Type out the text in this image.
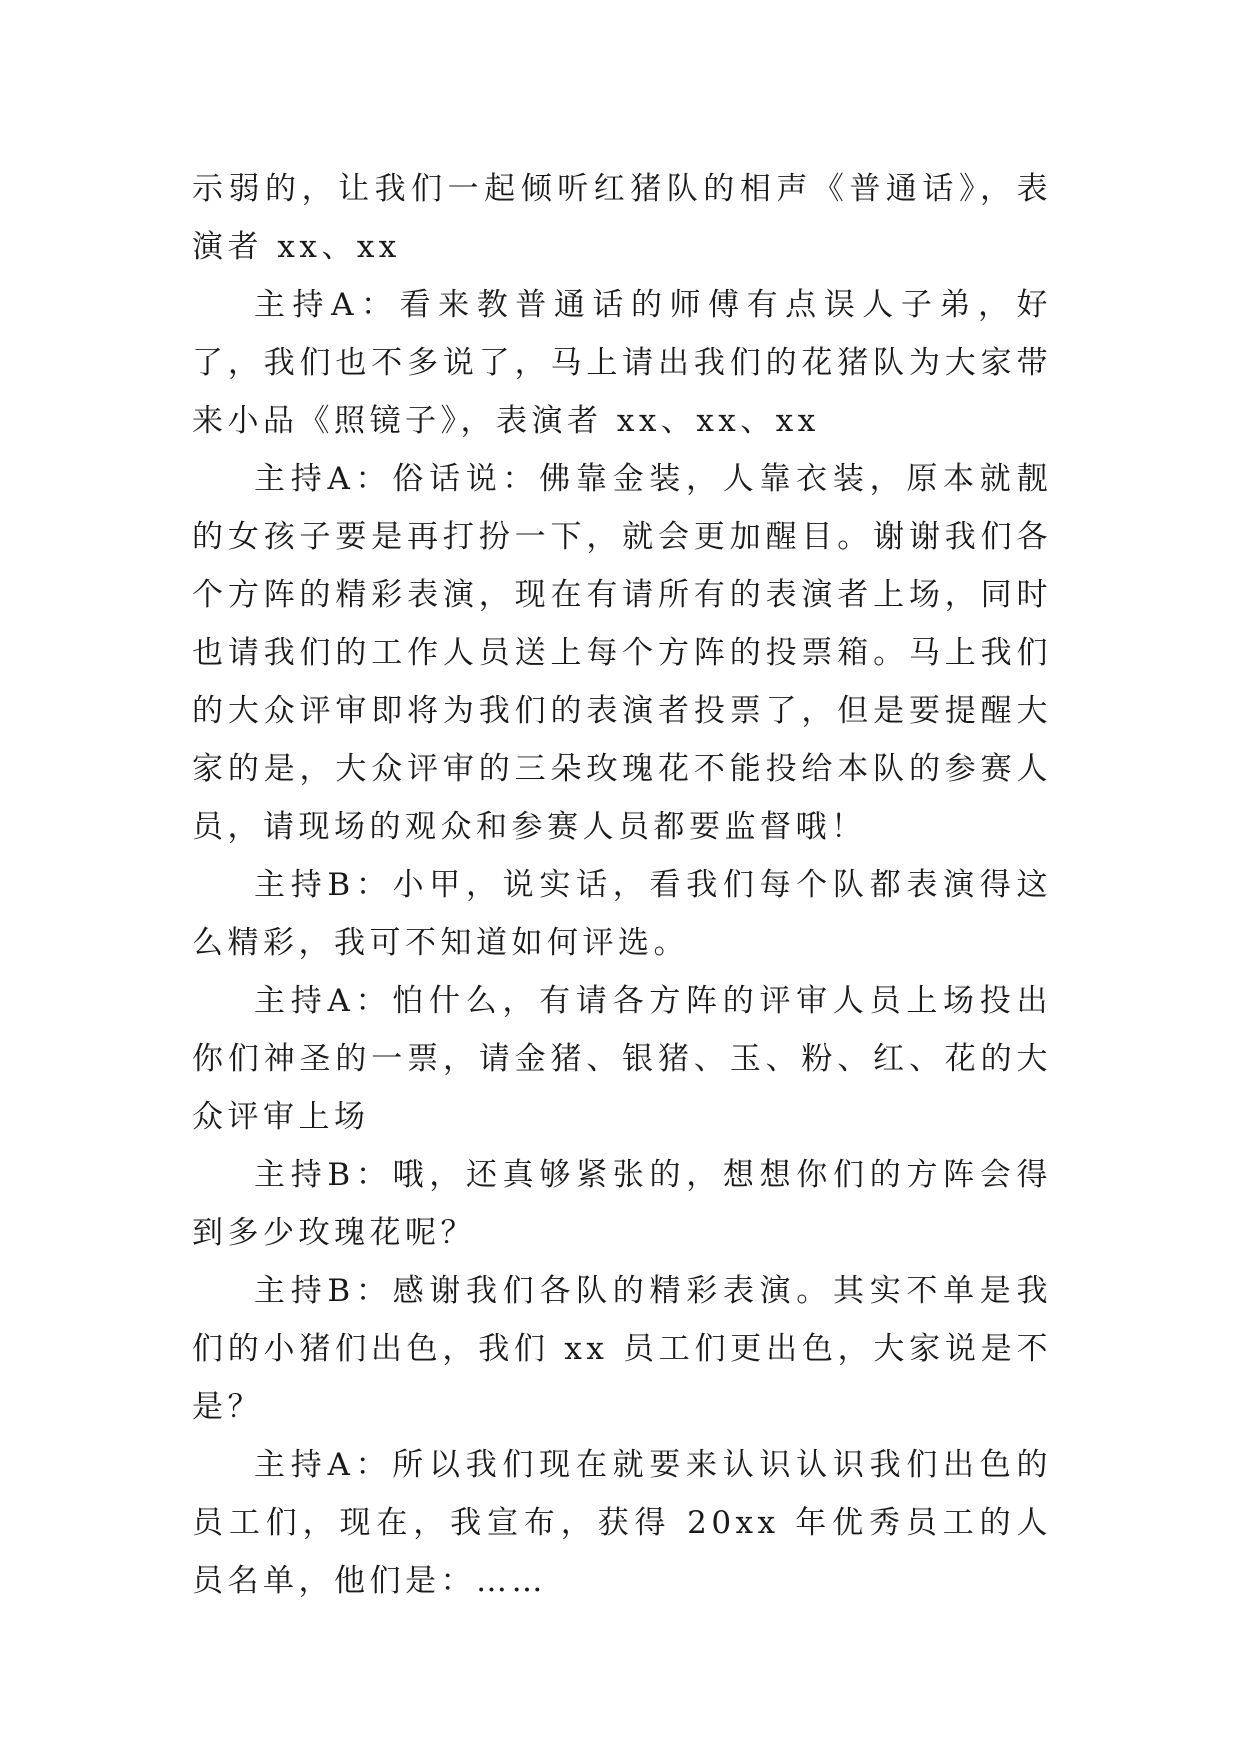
示弱的，让我们一起倾听红猪队的相声《普通话》，表演者 xx、xx

主持A：看来教普通话的师傅有点误人子弟，好了，我们也不多说了，马上请出我们的花猪队为大家带来小品《照镜子》，表演者 xx、xx、xx

主持A：俗话说：佛靠金装，人靠衣装，原本就靓的女孩子要是再打扮一下，就会更加醒目。谢谢我们各个方阵的精彩表演，现在有请所有的表演者上场，同时也请我们的工作人员送上每个方阵的投票箱。马上我们的大众评审即将为我们的表演者投票了，但是要提醒大家的是，大众评审的三朵玫瑰花不能投给本队的参赛人员，请现场的观众和参赛人员都要监督哦！

主持B：小甲，说实话，看我们每个队都表演得这么精彩，我可不知道如何评选。

主持A：怕什么，有请各方阵的评审人员上场投出你们神圣的一票，请金猪、银猪、玉、粉、红、花的大众评审上场

主持B：哦，还真够紧张的，想想你们的方阵会得到多少玫瑰花呢？

主持B：感谢我们各队的精彩表演。其实不单是我们的小猪们出色，我们 xx 员工们更出色，大家说是不是？

主持A：所以我们现在就要来认识认识我们出色的员工们，现在，我宣布，获得 20xx 年优秀员工的人员名单，他们是：……
